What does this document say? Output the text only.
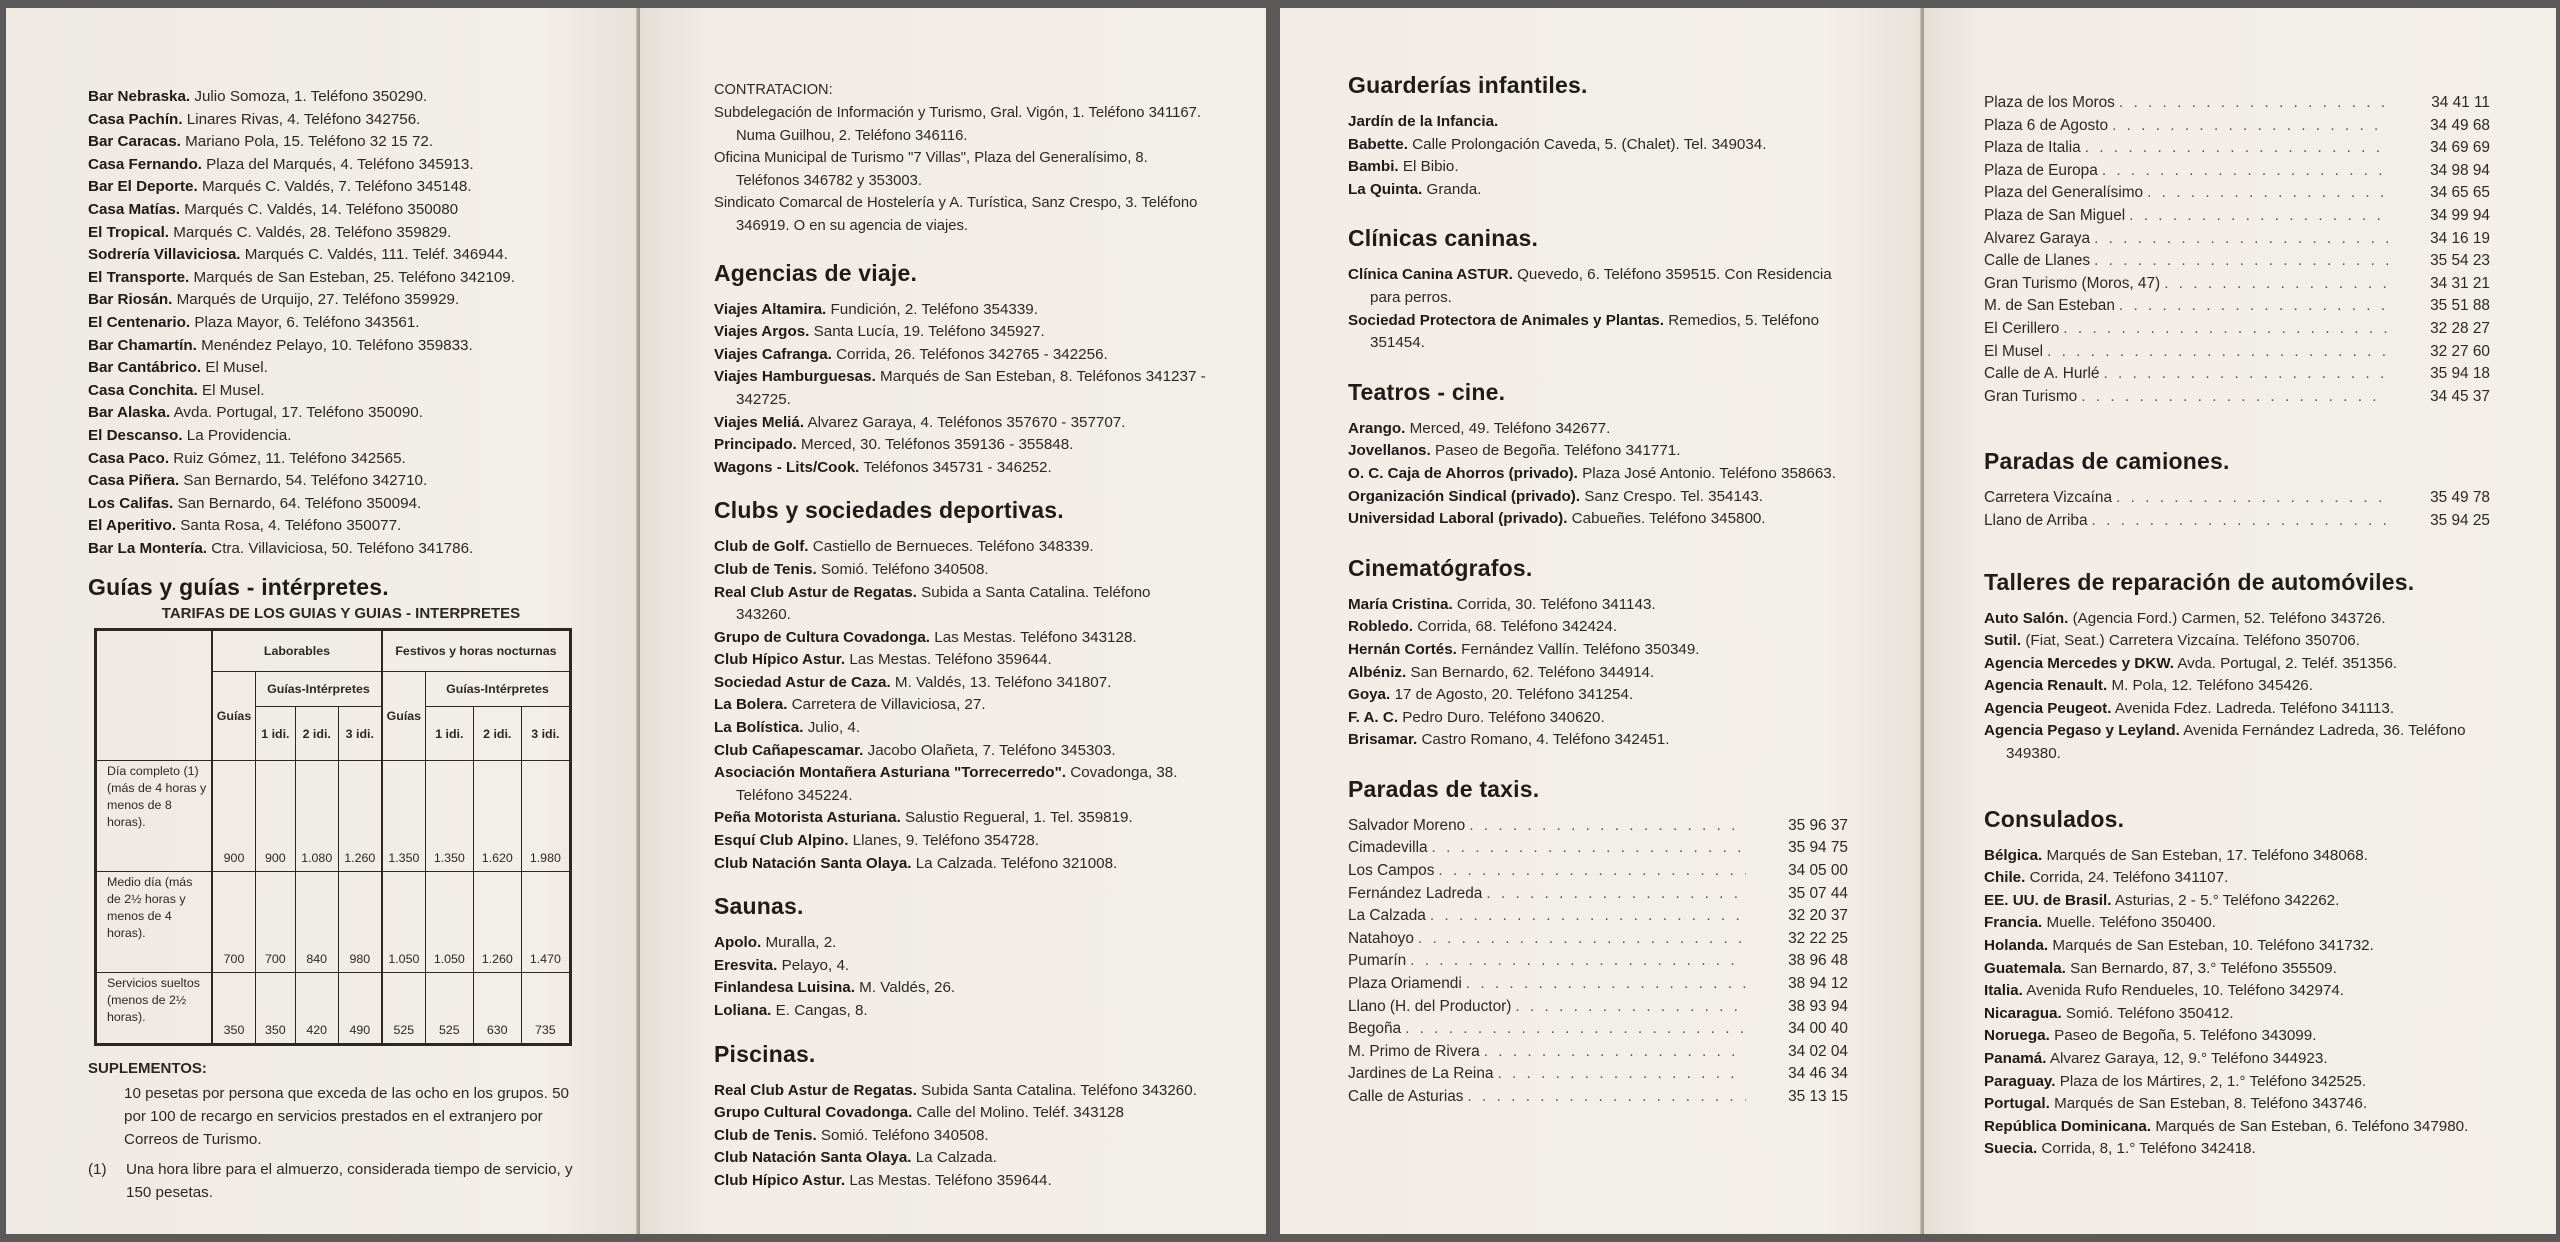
Bar Nebraska. Julio Somoza, 1. Teléfono 350290.

Casa Pachín. Linares Rivas, 4. Teléfono 342756.

Bar Caracas. Mariano Pola, 15. Teléfono 32 15 72.

Casa Fernando. Plaza del Marqués, 4. Teléfono 345913.

Bar El Deporte. Marqués C. Valdés, 7. Teléfono 345148.

Casa Matías. Marqués C. Valdés, 14. Teléfono 350080

El Tropical. Marqués C. Valdés, 28. Teléfono 359829.

Sodrería Villaviciosa. Marqués C. Valdés, 111. Teléf. 346944.

El Transporte. Marqués de San Esteban, 25. Teléfono 342109.

Bar Riosán. Marqués de Urquijo, 27. Teléfono 359929.

El Centenario. Plaza Mayor, 6. Teléfono 343561.

Bar Chamartín. Menéndez Pelayo, 10. Teléfono 359833.

Bar Cantábrico. El Musel.

Casa Conchita. El Musel.

Bar Alaska. Avda. Portugal, 17. Teléfono 350090.

El Descanso. La Providencia.

Casa Paco. Ruiz Gómez, 11. Teléfono 342565.

Casa Piñera. San Bernardo, 54. Teléfono 342710.

Los Califas. San Bernardo, 64. Teléfono 350094.

El Aperitivo. Santa Rosa, 4. Teléfono 350077.

Bar La Montería. Ctra. Villaviciosa, 50. Teléfono 341786.

Guías y guías - intérpretes.
TARIFAS DE LOS GUIAS Y GUIAS - INTERPRETES
	Laborables				Festivos y horas nocturnas			
	Guías	Guías-Intérpretes			Guías	Guías-Intérpretes		
		1 idi.	2 idi.	3 idi.		1 idi.	2 idi.	3 idi.
Día completo (1) (más de 4 horas y menos de 8 horas).	900	900	1.080	1.260	1.350	1.350	1.620	1.980
Medio día (más de 2½ horas y menos de 4 horas).	700	700	840	980	1.050	1.050	1.260	1.470
Servicios sueltos (menos de 2½ horas).	350	350	420	490	525	525	630	735
SUPLEMENTOS:

10 pesetas por persona que exceda de las ocho en los grupos. 50 por 100 de recargo en servicios prestados en el extranjero por Correos de Turismo.

(1)	Una hora libre para el almuerzo, considerada tiempo de servicio, y 150 pesetas.
CONTRATACION:

Subdelegación de Información y Turismo, Gral. Vigón, 1. Teléfono 341167. Numa Guilhou, 2. Teléfono 346116.

Oficina Municipal de Turismo "7 Villas", Plaza del Generalísimo, 8. Teléfonos 346782 y 353003.

Sindicato Comarcal de Hostelería y A. Turística, Sanz Crespo, 3. Teléfono 346919. O en su agencia de viajes.

Agencias de viaje.

Viajes Altamira. Fundición, 2. Teléfono 354339.

Viajes Argos. Santa Lucía, 19. Teléfono 345927.

Viajes Cafranga. Corrida, 26. Teléfonos 342765 - 342256.

Viajes Hamburguesas. Marqués de San Esteban, 8. Teléfonos 341237 - 342725.

Viajes Meliá. Alvarez Garaya, 4. Teléfonos 357670 - 357707.

Principado. Merced, 30. Teléfonos 359136 - 355848.

Wagons - Lits/Cook. Teléfonos 345731 - 346252.

Clubs y sociedades deportivas.

Club de Golf. Castiello de Bernueces. Teléfono 348339.

Club de Tenis. Somió. Teléfono 340508.

Real Club Astur de Regatas. Subida a Santa Catalina. Teléfono 343260.

Grupo de Cultura Covadonga. Las Mestas. Teléfono 343128.

Club Hípico Astur. Las Mestas. Teléfono 359644.

Sociedad Astur de Caza. M. Valdés, 13. Teléfono 341807.

La Bolera. Carretera de Villaviciosa, 27.

La Bolística. Julio, 4.

Club Cañapescamar. Jacobo Olañeta, 7. Teléfono 345303.

Asociación Montañera Asturiana "Torrecerredo". Covadonga, 38. Teléfono 345224.

Peña Motorista Asturiana. Salustio Regueral, 1. Tel. 359819.

Esquí Club Alpino. Llanes, 9. Teléfono 354728.

Club Natación Santa Olaya. La Calzada. Teléfono 321008.

Saunas.

Apolo. Muralla, 2.

Eresvita. Pelayo, 4.

Finlandesa Luisina. M. Valdés, 26.

Loliana. E. Cangas, 8.

Piscinas.

Real Club Astur de Regatas. Subida Santa Catalina. Teléfono 343260.

Grupo Cultural Covadonga. Calle del Molino. Teléf. 343128

Club de Tenis. Somió. Teléfono 340508.

Club Natación Santa Olaya. La Calzada.

Club Hípico Astur. Las Mestas. Teléfono 359644.

Guarderías infantiles.

Jardín de la Infancia.

Babette. Calle Prolongación Caveda, 5. (Chalet). Tel. 349034.

Bambi. El Bibio.

La Quinta. Granda.

Clínicas caninas.

Clínica Canina ASTUR. Quevedo, 6. Teléfono 359515. Con Residencia para perros.

Sociedad Protectora de Animales y Plantas. Remedios, 5. Teléfono 351454.

Teatros - cine.

Arango. Merced, 49. Teléfono 342677.

Jovellanos. Paseo de Begoña. Teléfono 341771.

O. C. Caja de Ahorros (privado). Plaza José Antonio. Teléfono 358663.

Organización Sindical (privado). Sanz Crespo. Tel. 354143.

Universidad Laboral (privado). Cabueñes. Teléfono 345800.

Cinematógrafos.

María Cristina. Corrida, 30. Teléfono 341143.

Robledo. Corrida, 68. Teléfono 342424.

Hernán Cortés. Fernández Vallín. Teléfono 350349.

Albéniz. San Bernardo, 62. Teléfono 344914.

Goya. 17 de Agosto, 20. Teléfono 341254.

F. A. C. Pedro Duro. Teléfono 340620.

Brisamar. Castro Romano, 4. Teléfono 342451.

Paradas de taxis.
Salvador Moreno . . .	35 96 37
Cimadevilla . . .	35 94 75
Los Campos . . .	34 05 00
Fernández Ladreda . . .	35 07 44
La Calzada . . .	32 20 37
Natahoyo . . .	32 22 25
Pumarín . . .	38 96 48
Plaza Oriamendi . . .	38 94 12
Llano (H. del Productor) . . .	38 93 94
Begoña . . .	34 00 40
M. Primo de Rivera . . .	34 02 04
Jardines de La Reina . . .	34 46 34
Calle de Asturias . . .	35 13 15
Plaza de los Moros . . .	34 41 11
Plaza 6 de Agosto . . .	34 49 68
Plaza de Italia . . .	34 69 69
Plaza de Europa . . .	34 98 94
Plaza del Generalísimo . . .	34 65 65
Plaza de San Miguel . . .	34 99 94
Alvarez Garaya . . .	34 16 19
Calle de Llanes . . .	35 54 23
Gran Turismo (Moros, 47) . . .	34 31 21
M. de San Esteban . . .	35 51 88
El Cerillero . . .	32 28 27
El Musel . . .	32 27 60
Calle de A. Hurlé . . .	35 94 18
Gran Turismo . . .	34 45 37
Paradas de camiones.
Carretera Vizcaína . . .	35 49 78
Llano de Arriba . . .	35 94 25
Talleres de reparación de automóviles.

Auto Salón. (Agencia Ford.) Carmen, 52. Teléfono 343726.

Sutil. (Fiat, Seat.) Carretera Vizcaína. Teléfono 350706.

Agencia Mercedes y DKW. Avda. Portugal, 2. Teléf. 351356.

Agencia Renault. M. Pola, 12. Teléfono 345426.

Agencia Peugeot. Avenida Fdez. Ladreda. Teléfono 341113.

Agencia Pegaso y Leyland. Avenida Fernández Ladreda, 36. Teléfono 349380.

Consulados.

Bélgica. Marqués de San Esteban, 17. Teléfono 348068.

Chile. Corrida, 24. Teléfono 341107.

EE. UU. de Brasil. Asturias, 2 - 5.° Teléfono 342262.

Francia. Muelle. Teléfono 350400.

Holanda. Marqués de San Esteban, 10. Teléfono 341732.

Guatemala. San Bernardo, 87, 3.° Teléfono 355509.

Italia. Avenida Rufo Rendueles, 10. Teléfono 342974.

Nicaragua. Somió. Teléfono 350412.

Noruega. Paseo de Begoña, 5. Teléfono 343099.

Panamá. Alvarez Garaya, 12, 9.° Teléfono 344923.

Paraguay. Plaza de los Mártires, 2, 1.° Teléfono 342525.

Portugal. Marqués de San Esteban, 8. Teléfono 343746.

República Dominicana. Marqués de San Esteban, 6. Teléfono 347980.

Suecia. Corrida, 8, 1.° Teléfono 342418.
